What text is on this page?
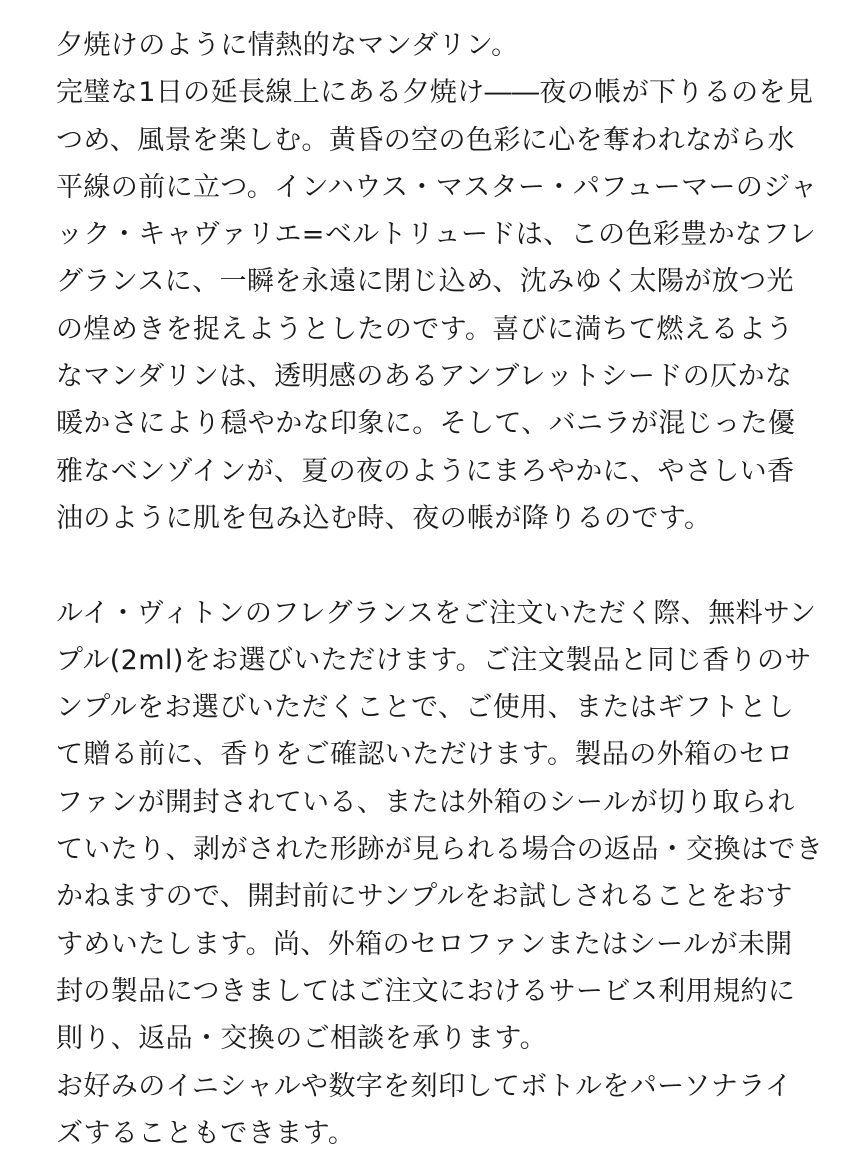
夕焼けのように情熱的なマンダリン。
完璧な1日の延長線上にある夕焼け――夜の帳が下りるのを見
つめ、風景を楽しむ。黄昏の空の色彩に心を奪われながら水
平線の前に立つ。インハウス・マスター・パフューマーのジャ
ック・キャヴァリエ=ベルトリュードは、この色彩豊かなフレ
グランスに、一瞬を永遠に閉じ込め、沈みゆく太陽が放つ光
の煌めきを捉えようとしたのです。喜びに満ちて燃えるよう
なマンダリンは、透明感のあるアンブレットシードの仄かな
暖かさにより穏やかな印象に。そして、バニラが混じった優
雅なベンゾインが、夏の夜のようにまろやかに、やさしい香
油のように肌を包み込む時、夜の帳が降りるのです。
ルイ・ヴィトンのフレグランスをご注文いただく際、無料サン
プル(2ml)をお選びいただけます。ご注文製品と同じ香りのサ
ンプルをお選びいただくことで、ご使用、またはギフトとし
て贈る前に、香りをご確認いただけます。製品の外箱のセロ
ファンが開封されている、または外箱のシールが切り取られ
ていたり、剥がされた形跡が見られる場合の返品・交換はでき
かねますので、開封前にサンプルをお試しされることをおす
すめいたします。尚、外箱のセロファンまたはシールが未開
封の製品につきましてはご注文におけるサービス利用規約に
則り、返品・交換のご相談を承ります。
お好みのイニシャルや数字を刻印してボトルをパーソナライ
ズすることもできます。
